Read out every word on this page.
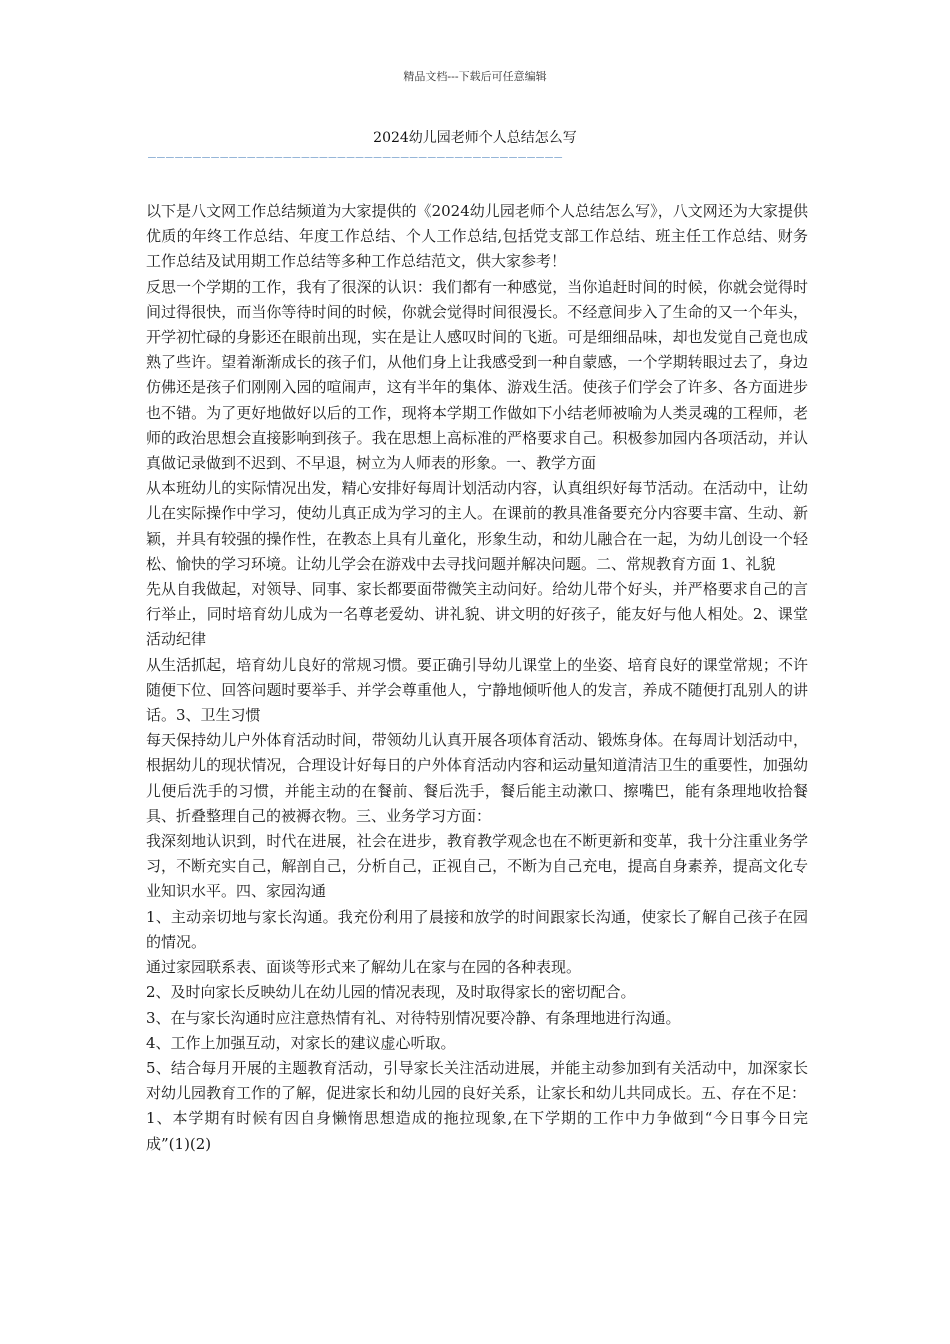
精品文档---下载后可任意编辑
2024幼儿园老师个人总结怎么写
——————————————————————————————————————————————

以下是八文网工作总结频道为大家提供的《2024幼儿园老师个人总结怎么写》，八文网还为大家提供优质的年终工作总结、年度工作总结、个人工作总结,包括党支部工作总结、班主任工作总结、财务工作总结及试用期工作总结等多种工作总结范文，供大家参考！

反思一个学期的工作，我有了很深的认识：我们都有一种感觉，当你追赶时间的时候，你就会觉得时间过得很快，而当你等待时间的时候，你就会觉得时间很漫长。不经意间步入了生命的又一个年头，开学初忙碌的身影还在眼前出现，实在是让人感叹时间的飞逝。可是细细品味，却也发觉自己竟也成熟了些许。望着渐渐成长的孩子们，从他们身上让我感受到一种自蒙感，一个学期转眼过去了，身边仿佛还是孩子们刚刚入园的喧闹声，这有半年的集体、游戏生活。使孩子们学会了许多、各方面进步也不错。为了更好地做好以后的工作，现将本学期工作做如下小结老师被喻为人类灵魂的工程师，老师的政治思想会直接影响到孩子。我在思想上高标准的严格要求自己。积极参加园内各项活动，并认真做记录做到不迟到、不早退，树立为人师表的形象。一、教学方面

从本班幼儿的实际情况出发，精心安排好每周计划活动内容，认真组织好每节活动。在活动中，让幼儿在实际操作中学习，使幼儿真正成为学习的主人。在课前的教具准备要充分内容要丰富、生动、新颖，并具有较强的操作性，在教态上具有儿童化，形象生动，和幼儿融合在一起，为幼儿创设一个轻松、愉快的学习环境。让幼儿学会在游戏中去寻找问题并解决问题。二、常规教育方面 1、礼貌

先从自我做起，对领导、同事、家长都要面带微笑主动问好。给幼儿带个好头，并严格要求自己的言行举止，同时培育幼儿成为一名尊老爱幼、讲礼貌、讲文明的好孩子，能友好与他人相处。2、课堂活动纪律

从生活抓起，培育幼儿良好的常规习惯。要正确引导幼儿课堂上的坐姿、培育良好的课堂常规；不许随便下位、回答问题时要举手、并学会尊重他人，宁静地倾听他人的发言，养成不随便打乱别人的讲话。3、卫生习惯

每天保持幼儿户外体育活动时间，带领幼儿认真开展各项体育活动、锻炼身体。在每周计划活动中，根据幼儿的现状情况，合理设计好每日的户外体育活动内容和运动量知道清洁卫生的重要性，加强幼儿便后洗手的习惯，并能主动的在餐前、餐后洗手，餐后能主动漱口、擦嘴巴，能有条理地收拾餐具、折叠整理自己的被褥衣物。三、业务学习方面：

我深刻地认识到，时代在进展，社会在进步，教育教学观念也在不断更新和变革，我十分注重业务学习，不断充实自己，解剖自己，分析自己，正视自己，不断为自己充电，提高自身素养，提高文化专业知识水平。四、家园沟通

1、主动亲切地与家长沟通。我充份利用了晨接和放学的时间跟家长沟通，使家长了解自己孩子在园的情况。

通过家园联系表、面谈等形式来了解幼儿在家与在园的各种表现。

2、及时向家长反映幼儿在幼儿园的情况表现，及时取得家长的密切配合。

3、在与家长沟通时应注意热情有礼、对待特别情况要冷静、有条理地进行沟通。

4、工作上加强互动，对家长的建议虚心听取。

5、结合每月开展的主题教育活动，引导家长关注活动进展，并能主动参加到有关活动中，加深家长对幼儿园教育工作的了解，促进家长和幼儿园的良好关系，让家长和幼儿共同成长。五、存在不足：

1、本学期有时候有因自身懒惰思想造成的拖拉现象,在下学期的工作中力争做到“今日事今日完成”(1)(2)
